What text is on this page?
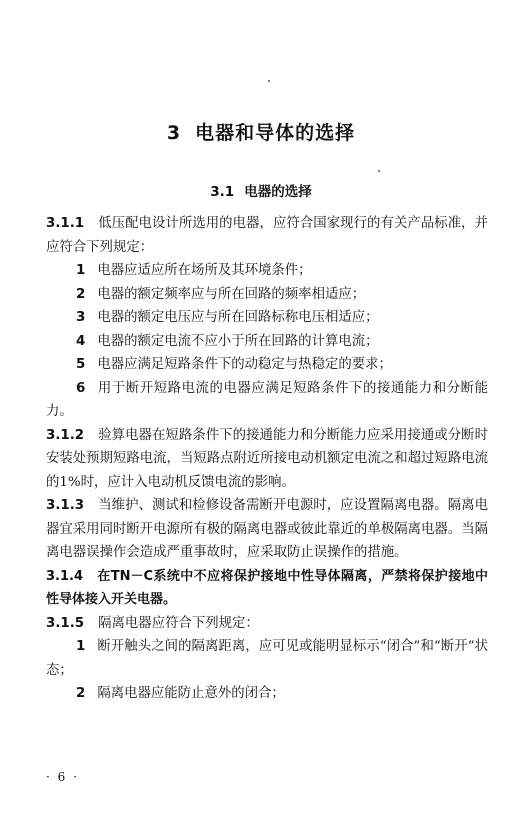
3 电器和导体的选择
3.1 电器的选择

3.1.1 低压配电设计所选用的电器，应符合国家现行的有关产品标准，并应符合下列规定：

1 电器应适应所在场所及其环境条件；

2 电器的额定频率应与所在回路的频率相适应；

3 电器的额定电压应与所在回路标称电压相适应；

4 电器的额定电流不应小于所在回路的计算电流；

5 电器应满足短路条件下的动稳定与热稳定的要求；

6 用于断开短路电流的电器应满足短路条件下的接通能力和分断能力。

3.1.2 验算电器在短路条件下的接通能力和分断能力应采用接通或分断时安装处预期短路电流，当短路点附近所接电动机额定电流之和超过短路电流的1%时，应计入电动机反馈电流的影响。

3.1.3 当维护、测试和检修设备需断开电源时，应设置隔离电器。隔离电器宜采用同时断开电源所有极的隔离电器或彼此靠近的单极隔离电器。当隔离电器误操作会造成严重事故时，应采取防止误操作的措施。

3.1.4 在TN－C系统中不应将保护接地中性导体隔离，严禁将保护接地中性导体接入开关电器。

3.1.5 隔离电器应符合下列规定：

1 断开触头之间的隔离距离，应可见或能明显标示“闭合”和“断开”状态；

2 隔离电器应能防止意外的闭合；

· 6 ·
